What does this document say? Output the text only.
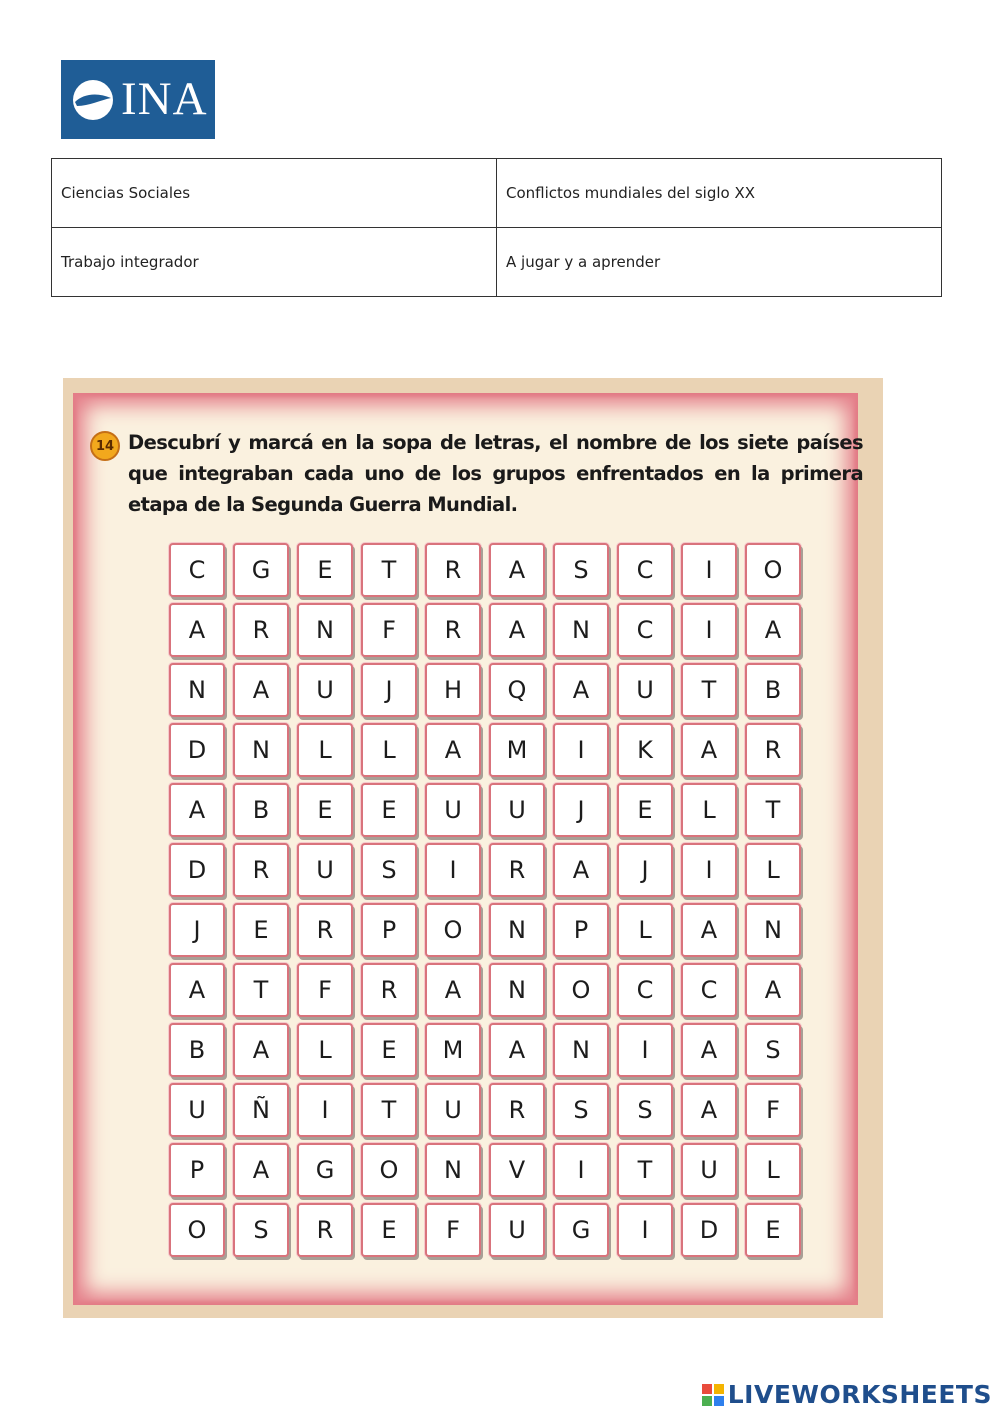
INA
Ciencias Sociales	Conflictos mundiales del siglo XX
Trabajo integrador	A jugar y a aprender
14 Descubrí y marcá en la sopa de letras, el nombre de los siete países que integraban cada uno de los grupos enfrentados en la primera etapa de la Segunda Guerra Mundial.
C	G	E	T	R	A	S	C	I	O
A	R	N	F	R	A	N	C	I	A
N	A	U	J	H	Q	A	U	T	B
D	N	L	L	A	M	I	K	A	R
A	B	E	E	U	U	J	E	L	T
D	R	U	S	I	R	A	J	I	L
J	E	R	P	O	N	P	L	A	N
A	T	F	R	A	N	O	C	C	A
B	A	L	E	M	A	N	I	A	S
U	Ñ	I	T	U	R	S	S	A	F
P	A	G	O	N	V	I	T	U	L
O	S	R	E	F	U	G	I	D	E
LIVEWORKSHEETS
